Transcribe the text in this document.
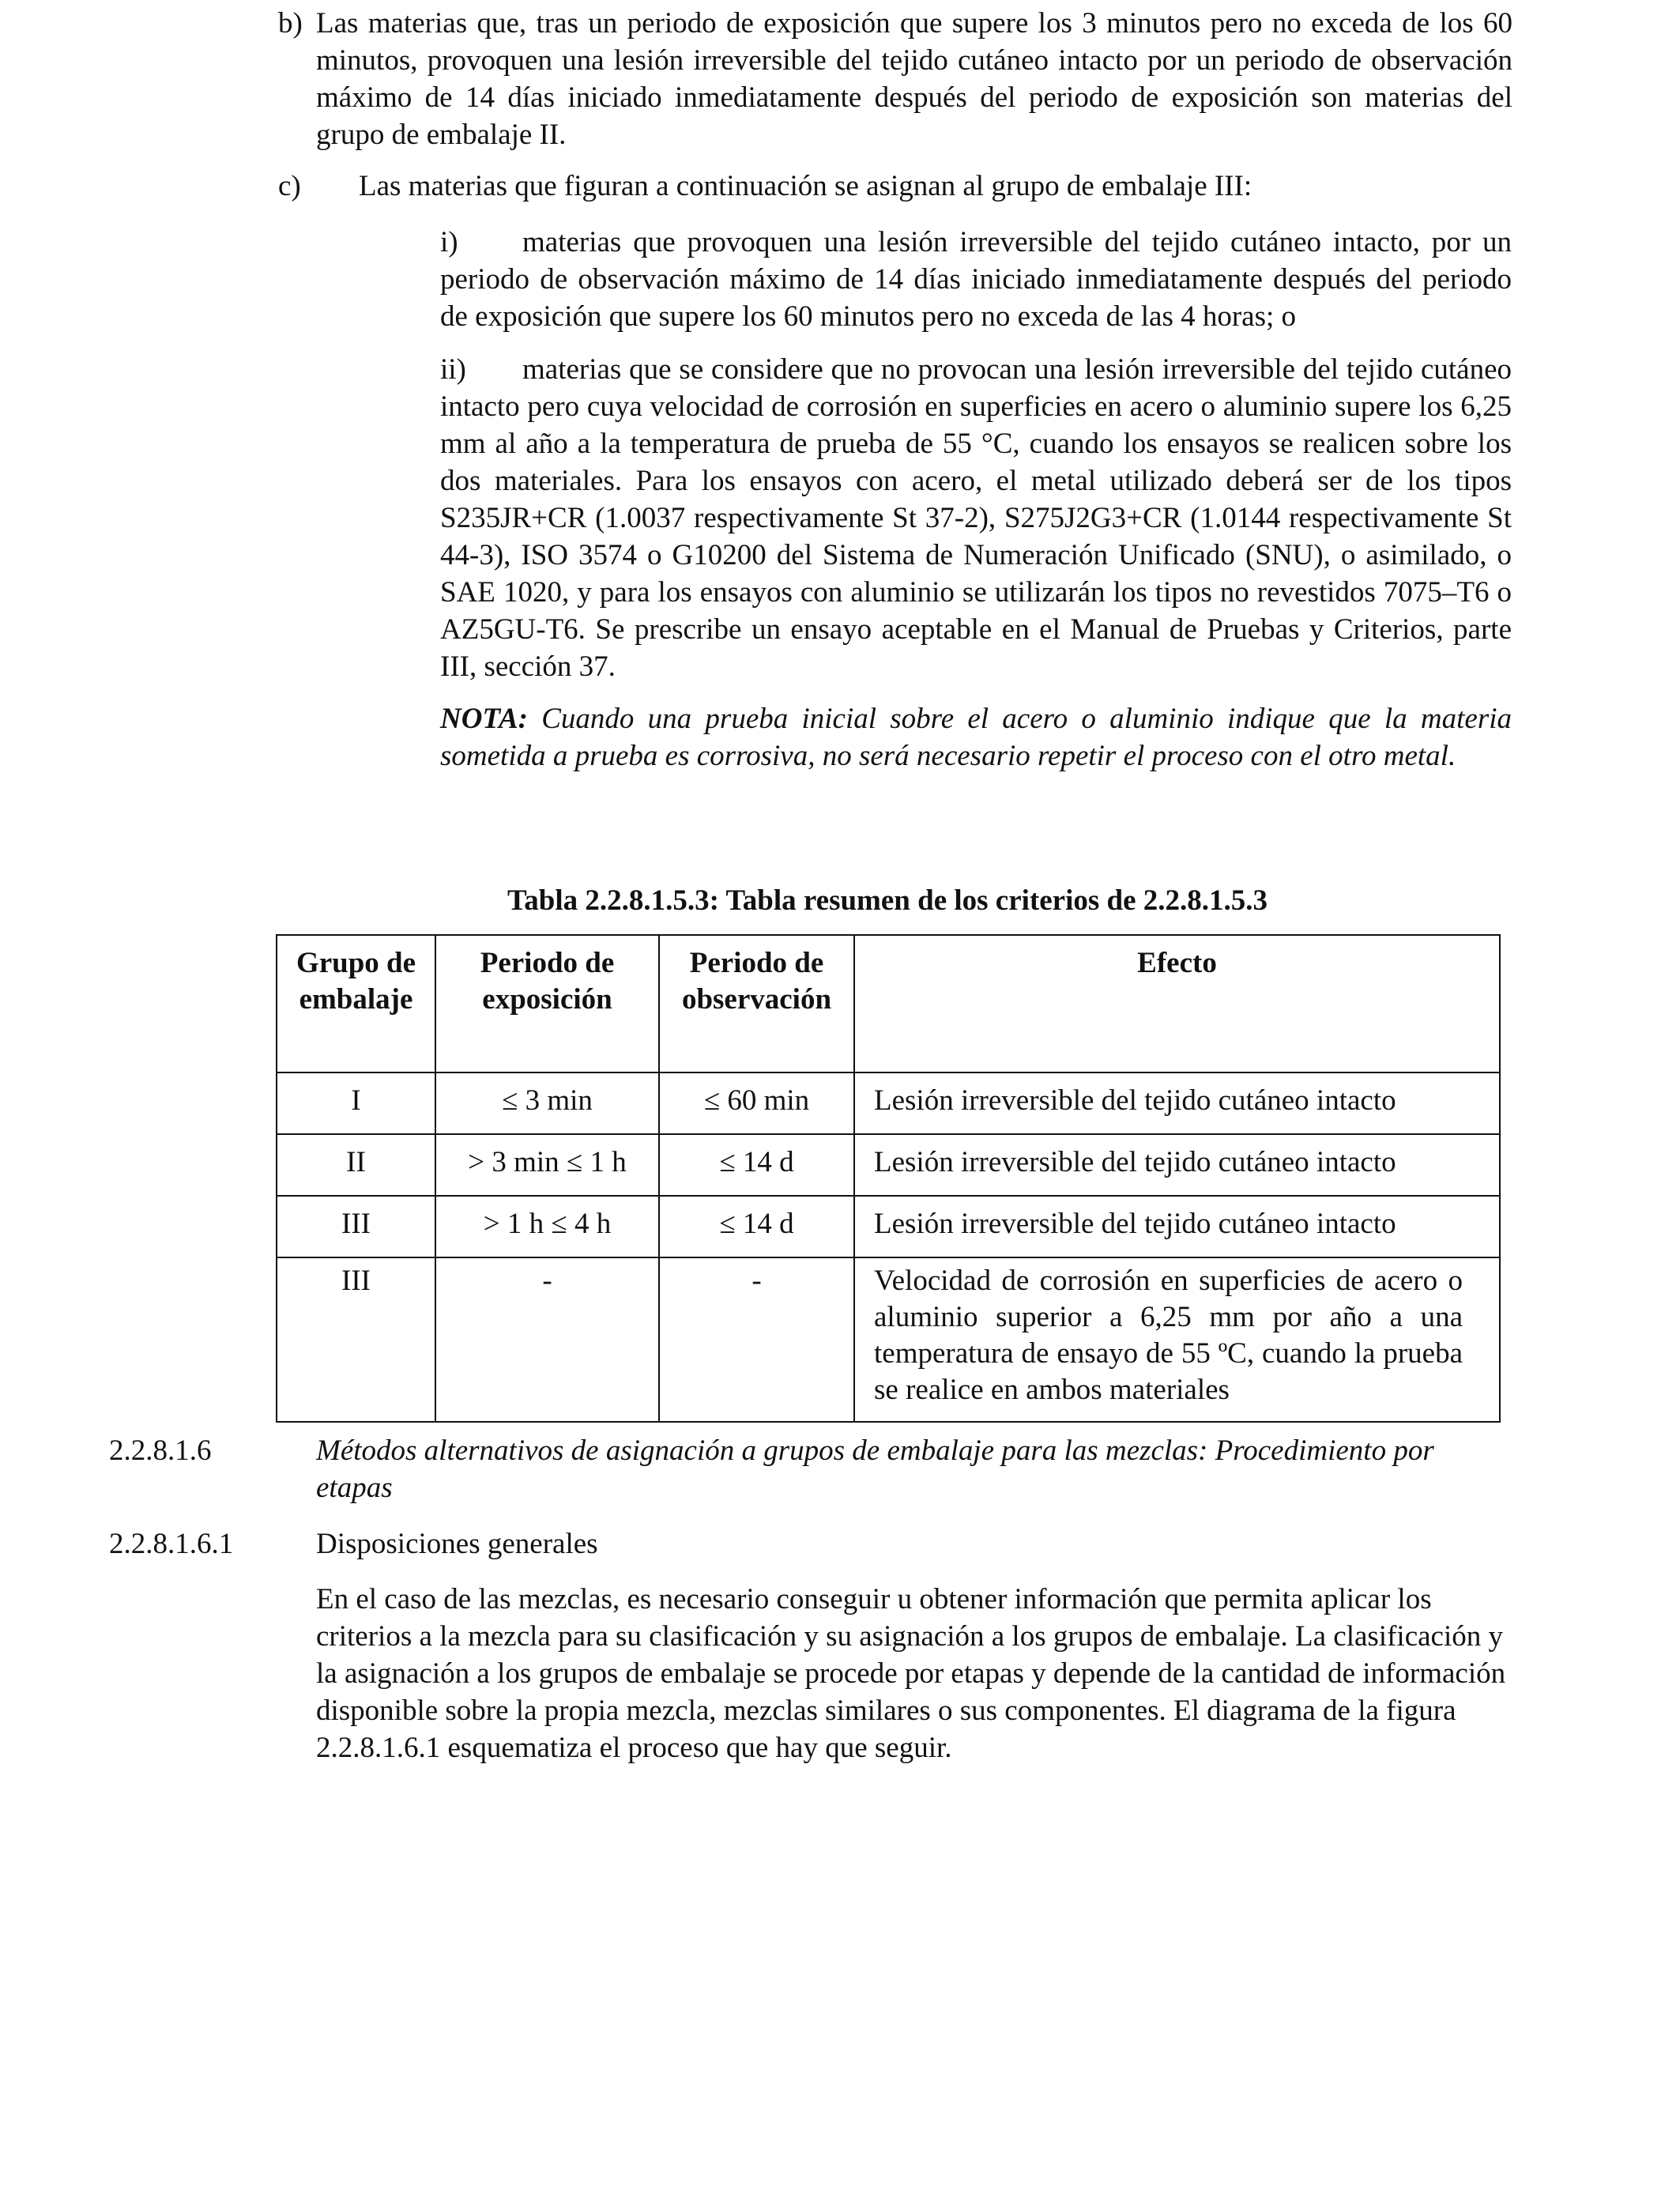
b) Las materias que, tras un periodo de exposición que supere los 3 minutos pero no exceda de los 60 minutos, provoquen una lesión irreversible del tejido cutáneo intacto por un periodo de observación máximo de 14 días iniciado inmediatamente después del periodo de exposición son materias del grupo de embalaje II.
c) Las materias que figuran a continuación se asignan al grupo de embalaje III:
i) materias que provoquen una lesión irreversible del tejido cutáneo intacto, por un periodo de observación máximo de 14 días iniciado inmediatamente después del periodo de exposición que supere los 60 minutos pero no exceda de las 4 horas; o
ii) materias que se considere que no provocan una lesión irreversible del tejido cutáneo intacto pero cuya velocidad de corrosión en superficies en acero o aluminio supere los 6,25 mm al año a la temperatura de prueba de 55 °C, cuando los ensayos se realicen sobre los dos materiales. Para los ensayos con acero, el metal utilizado deberá ser de los tipos S235JR+CR (1.0037 respectivamente St 37-2), S275J2G3+CR (1.0144 respectivamente St 44-3), ISO 3574 o G10200 del Sistema de Numeración Unificado (SNU), o asimilado, o SAE 1020, y para los ensayos con aluminio se utilizarán los tipos no revestidos 7075–T6 o AZ5GU-T6. Se prescribe un ensayo aceptable en el Manual de Pruebas y Criterios, parte III, sección 37.
NOTA: Cuando una prueba inicial sobre el acero o aluminio indique que la materia sometida a prueba es corrosiva, no será necesario repetir el proceso con el otro metal.
Tabla 2.2.8.1.5.3: Tabla resumen de los criterios de 2.2.8.1.5.3
Grupo de embalaje	Periodo de exposición	Periodo de observación	Efecto
I	≤ 3 min	≤ 60 min	Lesión irreversible del tejido cutáneo intacto
II	> 3 min ≤ 1 h	≤ 14 d	Lesión irreversible del tejido cutáneo intacto
III	> 1 h ≤ 4 h	≤ 14 d	Lesión irreversible del tejido cutáneo intacto
III	-	-	Velocidad de corrosión en superficies de acero o aluminio superior a 6,25 mm por año a una temperatura de ensayo de 55 ºC, cuando la prueba se realice en ambos materiales
2.2.8.1.6	Métodos alternativos de asignación a grupos de embalaje para las mezclas: Procedimiento por etapas
2.2.8.1.6.1	Disposiciones generales
En el caso de las mezclas, es necesario conseguir u obtener información que permita aplicar los criterios a la mezcla para su clasificación y su asignación a los grupos de embalaje. La clasificación y la asignación a los grupos de embalaje se procede por etapas y depende de la cantidad de información disponible sobre la propia mezcla, mezclas similares o sus componentes. El diagrama de la figura 2.2.8.1.6.1 esquematiza el proceso que hay que seguir.
